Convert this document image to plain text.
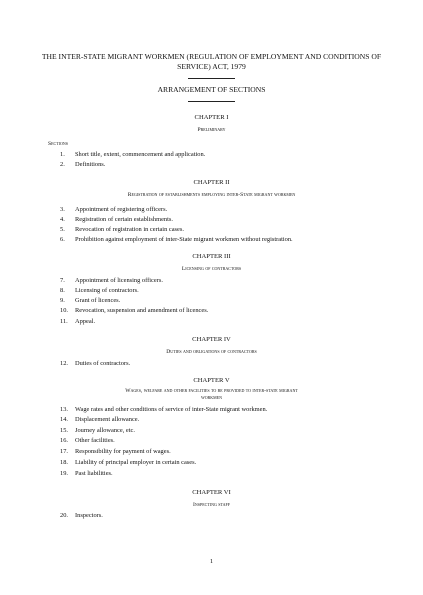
THE INTER-STATE MIGRANT WORKMEN (REGULATION OF EMPLOYMENT AND CONDITIONS OF SERVICE) ACT, 1979
ARRANGEMENT OF SECTIONS
CHAPTER I
Preliminary
Sections
1. Short title, extent, commencement and application.
2. Definitions.
CHAPTER II
Registration of establishments employing inter-State migrant workmen
3. Appointment of registering officers.
4. Registration of certain establishments.
5. Revocation of registration in certain cases.
6. Prohibition against employment of inter-State migrant workmen without registration.
CHAPTER III
Licensing of contractors
7. Appointment of licensing officers.
8. Licensing of contractors.
9. Grant of licences.
10. Revocation, suspension and amendment of licences.
11. Appeal.
CHAPTER IV
Duties and obligations of contractors
12. Duties of contractors.
CHAPTER V
Wages, welfare and other facilities to be provided to inter-state migrant workmen
13. Wage rates and other conditions of service of inter-State migrant workmen.
14. Displacement allowance.
15. Journey allowance, etc.
16. Other facilities.
17. Responsibility for payment of wages.
18. Liability of principal employer in certain cases.
19. Past liabilities.
CHAPTER VI
Inspecting staff
20. Inspectors.
1
